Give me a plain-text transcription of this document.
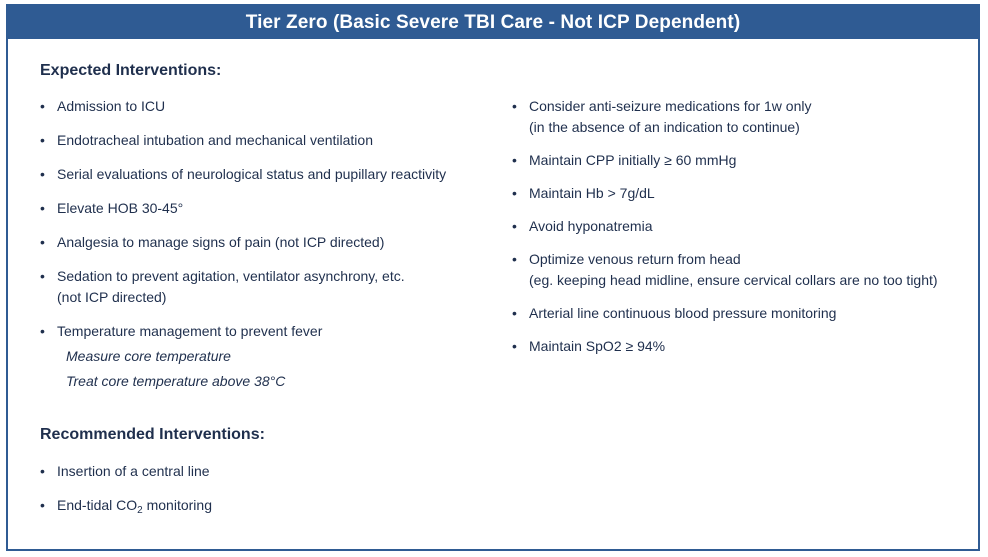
Tier Zero (Basic Severe TBI Care - Not ICP Dependent)
Expected Interventions:
• Admission to ICU
• Endotracheal intubation and mechanical ventilation
• Serial evaluations of neurological status and pupillary reactivity
• Elevate HOB 30-45°
• Analgesia to manage signs of pain (not ICP directed)
• Sedation to prevent agitation, ventilator asynchrony, etc.
(not ICP directed)
• Temperature management to prevent fever
Measure core temperature
Treat core temperature above 38°C
• Consider anti-seizure medications for 1w only
(in the absence of an indication to continue)
• Maintain CPP initially ≥ 60 mmHg
• Maintain Hb > 7g/dL
• Avoid hyponatremia
• Optimize venous return from head
(eg. keeping head midline, ensure cervical collars are no too tight)
• Arterial line continuous blood pressure monitoring
• Maintain SpO2 ≥ 94%
Recommended Interventions:
• Insertion of a central line
• End-tidal $CO_2$ monitoring
